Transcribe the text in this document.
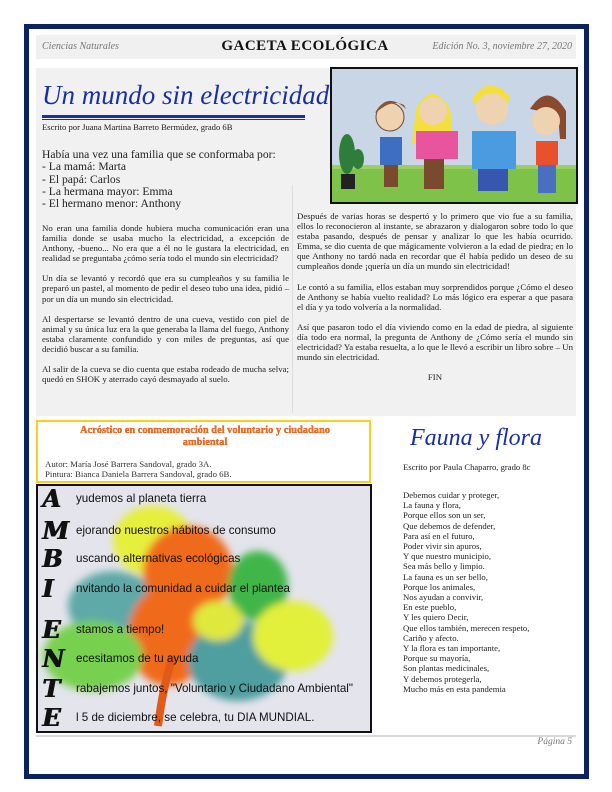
Ciencias Naturales	GACETA ECOLÓGICA	Edición No. 3, noviembre 27, 2020
Un mundo sin electricidad
Escrito por Juana Martina Barreto Bermúdez, grado 6B
Había una vez una familia que se conformaba por:
- La mamá: Marta
- El papá: Carlos
- La hermana mayor: Emma
- El hermano menor: Anthony

No eran una familia donde hubiera mucha comunicación eran una familia donde se usaba mucho la electricidad, a excepción de Anthony, -bueno... No era que a él no le gustara la electricidad, en realidad se preguntaba ¿cómo sería todo el mundo sin electricidad?

Un día se levantó y recordó que era su cumpleaños y su familia le preparó un pastel, al momento de pedir el deseo tubo una idea, pidió –por un día un mundo sin electricidad.

Al despertarse se levantó dentro de una cueva, vestido con piel de animal y su única luz era la que generaba la llama del fuego, Anthony estaba claramente confundido y con miles de preguntas, así que decidió buscar a su familia.

Al salir de la cueva se dio cuenta que estaba rodeado de mucha selva; quedó en SHOK y aterrado cayó desmayado al suelo.

Después de varias horas se despertó y lo primero que vio fue a su familia, ellos lo reconocieron al instante, se abrazaron y dialogaron sobre todo lo que estaba pasando, después de pensar y analizar lo que les había ocurrido. Emma, se dio cuenta de que mágicamente volvieron a la edad de piedra; en lo que Anthony no tardó nada en recordar que él había pedido un deseo de su cumpleaños donde ¡quería un día un mundo sin electricidad!

Le contó a su familia, ellos estaban muy sorprendidos porque ¿Cómo el deseo de Anthony se había vuelto realidad? Lo más lógico era esperar a que pasara el día y ya todo volvería a la normalidad.

Así que pasaron todo el día viviendo como en la edad de piedra, al siguiente día todo era normal, la pregunta de Anthony de ¿Cómo sería el mundo sin electricidad? Ya estaba resuelta, a lo que le llevó a escribir un libro sobre – Un mundo sin electricidad.

FIN

Acróstico en conmemoración del voluntario y ciudadano ambiental
Autor: María José Barrera Sandoval, grado 3A.
Pintura: Bianca Daniela Barrera Sandoval, grado 6B.
A	yudemos al planeta tierra
M ejorando nuestros hábitos de consumo
B	uscando alternativas ecológicas
I	nvitando la comunidad a cuidar el plantea
E	stamos a tiempo!
N	ecesitamos de tu ayuda
T	rabajemos juntos, "Voluntario y Ciudadano Ambiental"
E	l 5 de diciembre, se celebra, tu DIA MUNDIAL.
Fauna y flora
Escrito por Paula Chaparro, grado 8c
Debemos cuidar y proteger,
La fauna y flora,
Porque ellos son un ser,
Que debemos de defender,
Para así en el futuro,
Poder vivir sin apuros,
Y que nuestro municipio,
Sea más bello y limpio.
La fauna es un ser bello,
Porque los animales,
Nos ayudan a convivir,
En este pueblo,
Y les quiero Decir,
Que ellos también, merecen respeto,
Cariño y afecto.
Y la flora es tan importante,
Porque su mayoría,
Son plantas medicinales,
Y debemos protegerla,
Mucho más en esta pandemia
Página 5
